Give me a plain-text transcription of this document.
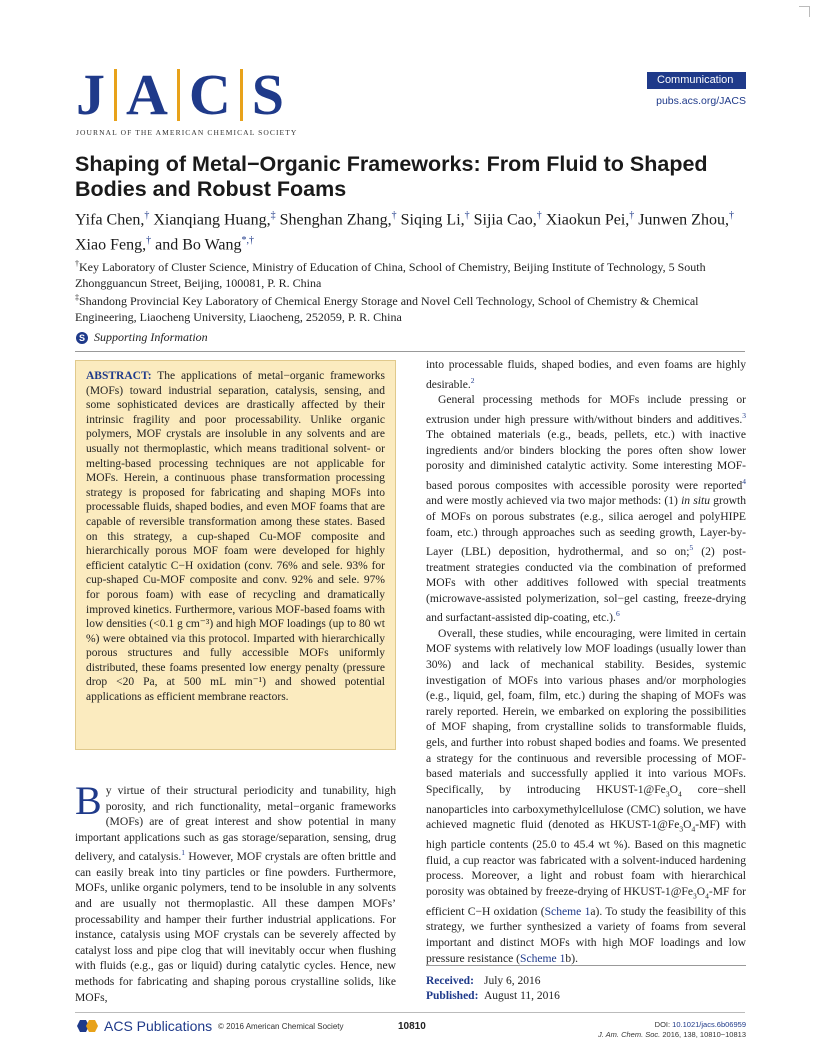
J A C S
JOURNAL OF THE AMERICAN CHEMICAL SOCIETY
Communication
pubs.acs.org/JACS
Shaping of Metal−Organic Frameworks: From Fluid to Shaped Bodies and Robust Foams
Yifa Chen,† Xianqiang Huang,‡ Shenghan Zhang,† Siqing Li,† Sijia Cao,† Xiaokun Pei,† Junwen Zhou,† Xiao Feng,† and Bo Wang*,†
†Key Laboratory of Cluster Science, Ministry of Education of China, School of Chemistry, Beijing Institute of Technology, 5 South Zhongguancun Street, Beijing, 100081, P. R. China
‡Shandong Provincial Key Laboratory of Chemical Energy Storage and Novel Cell Technology, School of Chemistry & Chemical Engineering, Liaocheng University, Liaocheng, 252059, P. R. China
S Supporting Information

ABSTRACT: The applications of metal−organic frameworks (MOFs) toward industrial separation, catalysis, sensing, and some sophisticated devices are drastically affected by their intrinsic fragility and poor processability. Unlike organic polymers, MOF crystals are insoluble in any solvents and are usually not thermoplastic, which means traditional solvent- or melting-based processing techniques are not applicable for MOFs. Herein, a continuous phase transformation processing strategy is proposed for fabricating and shaping MOFs into processable fluids, shaped bodies, and even MOF foams that are capable of reversible transformation among these states. Based on this strategy, a cup-shaped Cu-MOF composite and hierarchically porous MOF foam were developed for highly efficient catalytic C−H oxidation (conv. 76% and sele. 93% for cup-shaped Cu-MOF composite and conv. 92% and sele. 97% for porous foam) with ease of recycling and dramatically improved kinetics. Furthermore, various MOF-based foams with low densities (<0.1 g cm⁻³) and high MOF loadings (up to 80 wt %) were obtained via this protocol. Imparted with hierarchically porous structures and fully accessible MOFs uniformly distributed, these foams presented low energy penalty (pressure drop <20 Pa, at 500 mL min⁻¹) and showed potential applications as efficient membrane reactors.

By virtue of their structural periodicity and tunability, high porosity, and rich functionality, metal−organic frameworks (MOFs) are of great interest and show potential in many important applications such as gas storage/separation, sensing, drug delivery, and catalysis.$^1$ However, MOF crystals are often brittle and can easily break into tiny particles or fine powders. Furthermore, MOFs, unlike organic polymers, tend to be insoluble in any solvents and are usually not thermoplastic. All these dampen MOFs’ processability and hamper their further industrial applications. For instance, catalysis using MOF crystals can be severely affected by catalyst loss and pipe clog that will inevitably occur when flushing with fluids (e.g., gas or liquid) during catalytic cycles. Hence, new methods for fabricating and shaping porous crystalline solids, like MOFs,

into processable fluids, shaped bodies, and even foams are highly desirable.$^2$

General processing methods for MOFs include pressing or extrusion under high pressure with/without binders and additives.$^3$ The obtained materials (e.g., beads, pellets, etc.) with inactive ingredients and/or binders blocking the pores often show lower porosity and diminished catalytic activity. Some interesting MOF-based porous composites with accessible porosity were reported$^4$ and were mostly achieved via two major methods: (1) in situ growth of MOFs on porous substrates (e.g., silica aerogel and polyHIPE foam, etc.) through approaches such as seeding growth, Layer-by-Layer (LBL) deposition, hydrothermal, and so on;$^5$ (2) post-treatment strategies conducted via the combination of preformed MOFs with other additives followed with special treatments (microwave-assisted polymerization, sol−gel casting, freeze-drying and surfactant-assisted dip-coating, etc.).$^6$

Overall, these studies, while encouraging, were limited in certain MOF systems with relatively low MOF loadings (usually lower than 30%) and lack of mechanical stability. Besides, systemic investigation of MOFs into various phases and/or morphologies (e.g., liquid, gel, foam, film, etc.) during the shaping of MOFs was rarely reported. Herein, we embarked on exploring the possibilities of MOF shaping, from crystalline solids to transformable fluids, gels, and further into robust shaped bodies and foams. We presented a strategy for the continuous and reversible processing of MOF-based materials and successfully applied it into various MOFs. Specifically, by introducing HKUST-$1@Fe_3O_4$ core−shell nanoparticles into carboxymethylcellulose (CMC) solution, we have achieved magnetic fluid (denoted as HKUST-$1@Fe_3O_4-MF$) with high particle contents (25.0 to 45.4 wt %). Based on this magnetic fluid, a cup reactor was fabricated with a solvent-induced hardening process. Moreover, a light and robust foam with hierarchical porosity was obtained by freeze-drying of HKUST-$1@Fe_3O_4-MF$ for efficient C−H oxidation (Scheme 1a). To study the feasibility of this strategy, we further synthesized a variety of foams from several important and distinct MOFs with high MOF loadings and low pressure resistance (Scheme 1b).

Received: July 6, 2016
Published: August 11, 2016
ACS Publications © 2016 American Chemical Society	10810	DOI: 10.1021/jacs.6b06959
J. Am. Chem. Soc. 2016, 138, 10810−10813
